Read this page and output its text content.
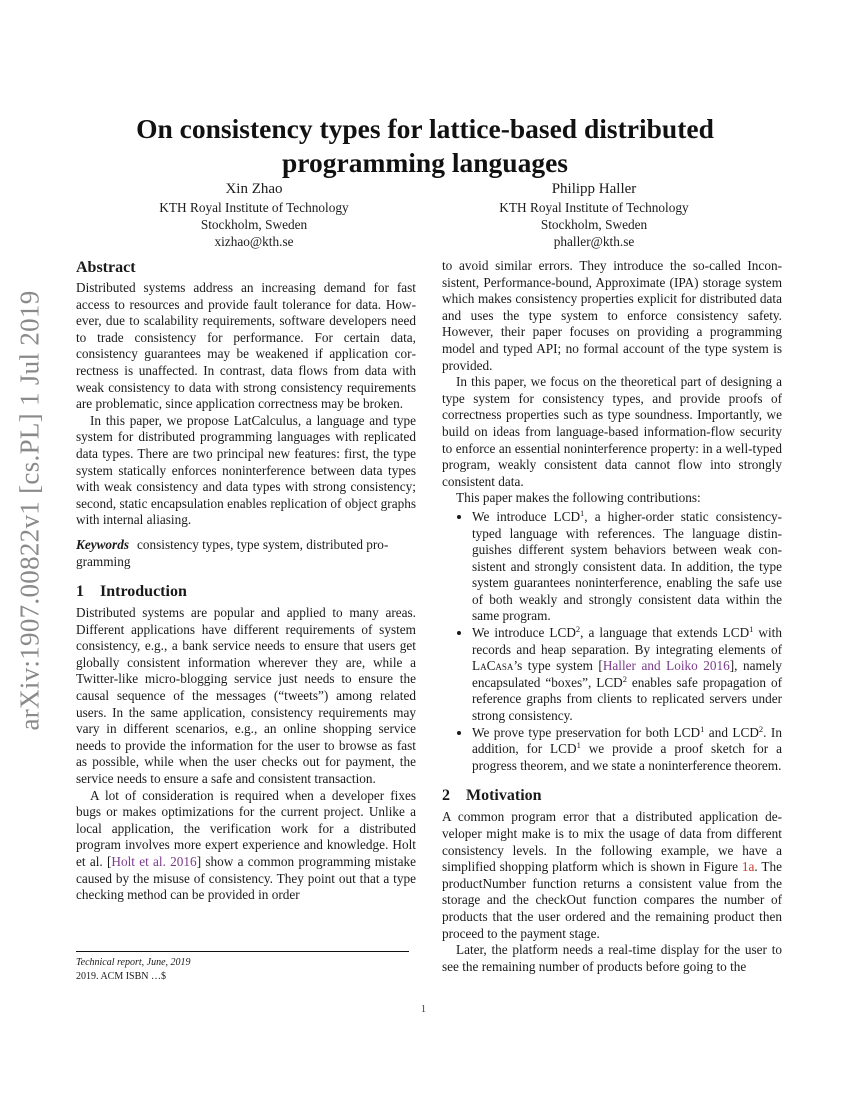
arXiv:1907.00822v1 [cs.PL] 1 Jul 2019
On consistency types for lattice-based distributed programming languages
Xin Zhao
KTH Royal Institute of Technology
Stockholm, Sweden
xizhao@kth.se
Philipp Haller
KTH Royal Institute of Technology
Stockholm, Sweden
phaller@kth.se
Abstract

Distributed systems address an increasing demand for fast access to resources and provide fault tolerance for data. However, due to scalability requirements, software developers need to trade consistency for performance. For certain data, consistency guarantees may be weakened if application correctness is unaffected. In contrast, data flows from data with weak consistency to data with strong consistency requirements are problematic, since application correctness may be broken.

In this paper, we propose LatCalculus, a language and type system for distributed programming languages with replicated data types. There are two principal new features: first, the type system statically enforces noninterference between data types with weak consistency and data types with strong consistency; second, static encapsulation enables replication of object graphs with internal aliasing.

Keywords consistency types, type system, distributed programming

1 Introduction

Distributed systems are popular and applied to many areas. Different applications have different requirements of system consistency, e.g., a bank service needs to ensure that users get globally consistent information wherever they are, while a Twitter-like micro-blogging service just needs to ensure the causal sequence of the messages (“tweets”) among related users. In the same application, consistency requirements may vary in different scenarios, e.g., an online shopping service needs to provide the information for the user to browse as fast as possible, while when the user checks out for payment, the service needs to ensure a safe and consistent transaction.

A lot of consideration is required when a developer fixes bugs or makes optimizations for the current project. Unlike a local application, the verification work for a distributed program involves more expert experience and knowledge. Holt et al. [Holt et al. 2016] show a common programming mistake caused by the misuse of consistency. They point out that a type checking method can be provided in order

to avoid similar errors. They introduce the so-called Inconsistent, Performance-bound, Approximate (IPA) storage system which makes consistency properties explicit for distributed data and uses the type system to enforce consistency safety. However, their paper focuses on providing a programming model and typed API; no formal account of the type system is provided.

In this paper, we focus on the theoretical part of designing a type system for consistency types, and provide proofs of correctness properties such as type soundness. Importantly, we build on ideas from language-based information-flow security to enforce an essential noninterference property: in a well-typed program, weakly consistent data cannot flow into strongly consistent data.

This paper makes the following contributions:

• We introduce LCD$^1$, a higher-order static consistency-typed language with references. The language distinguishes different system behaviors between weak consistent and strongly consistent data. In addition, the type system guarantees noninterference, enabling the safe use of both weakly and strongly consistent data within the same program.
• We introduce LCD$^2$, a language that extends LCD$^1$ with records and heap separation. By integrating elements of LaCasa’s type system [Haller and Loiko 2016], namely encapsulated “boxes”, LCD$^2$ enables safe propagation of reference graphs from clients to replicated servers under strong consistency.
• We prove type preservation for both LCD$^1$ and LCD$^2$. In addition, for LCD$^1$ we provide a proof sketch for a progress theorem, and we state a noninterference theorem.
2 Motivation

A common program error that a distributed application developer might make is to mix the usage of data from different consistency levels. In the following example, we have a simplified shopping platform which is shown in Figure 1a. The productNumber function returns a consistent value from the storage and the checkOut function compares the number of products that the user ordered and the remaining product then proceed to the payment stage.

Later, the platform needs a real-time display for the user to see the remaining number of products before going to the

Technical report, June, 2019
2019. ACM ISBN …$
1
